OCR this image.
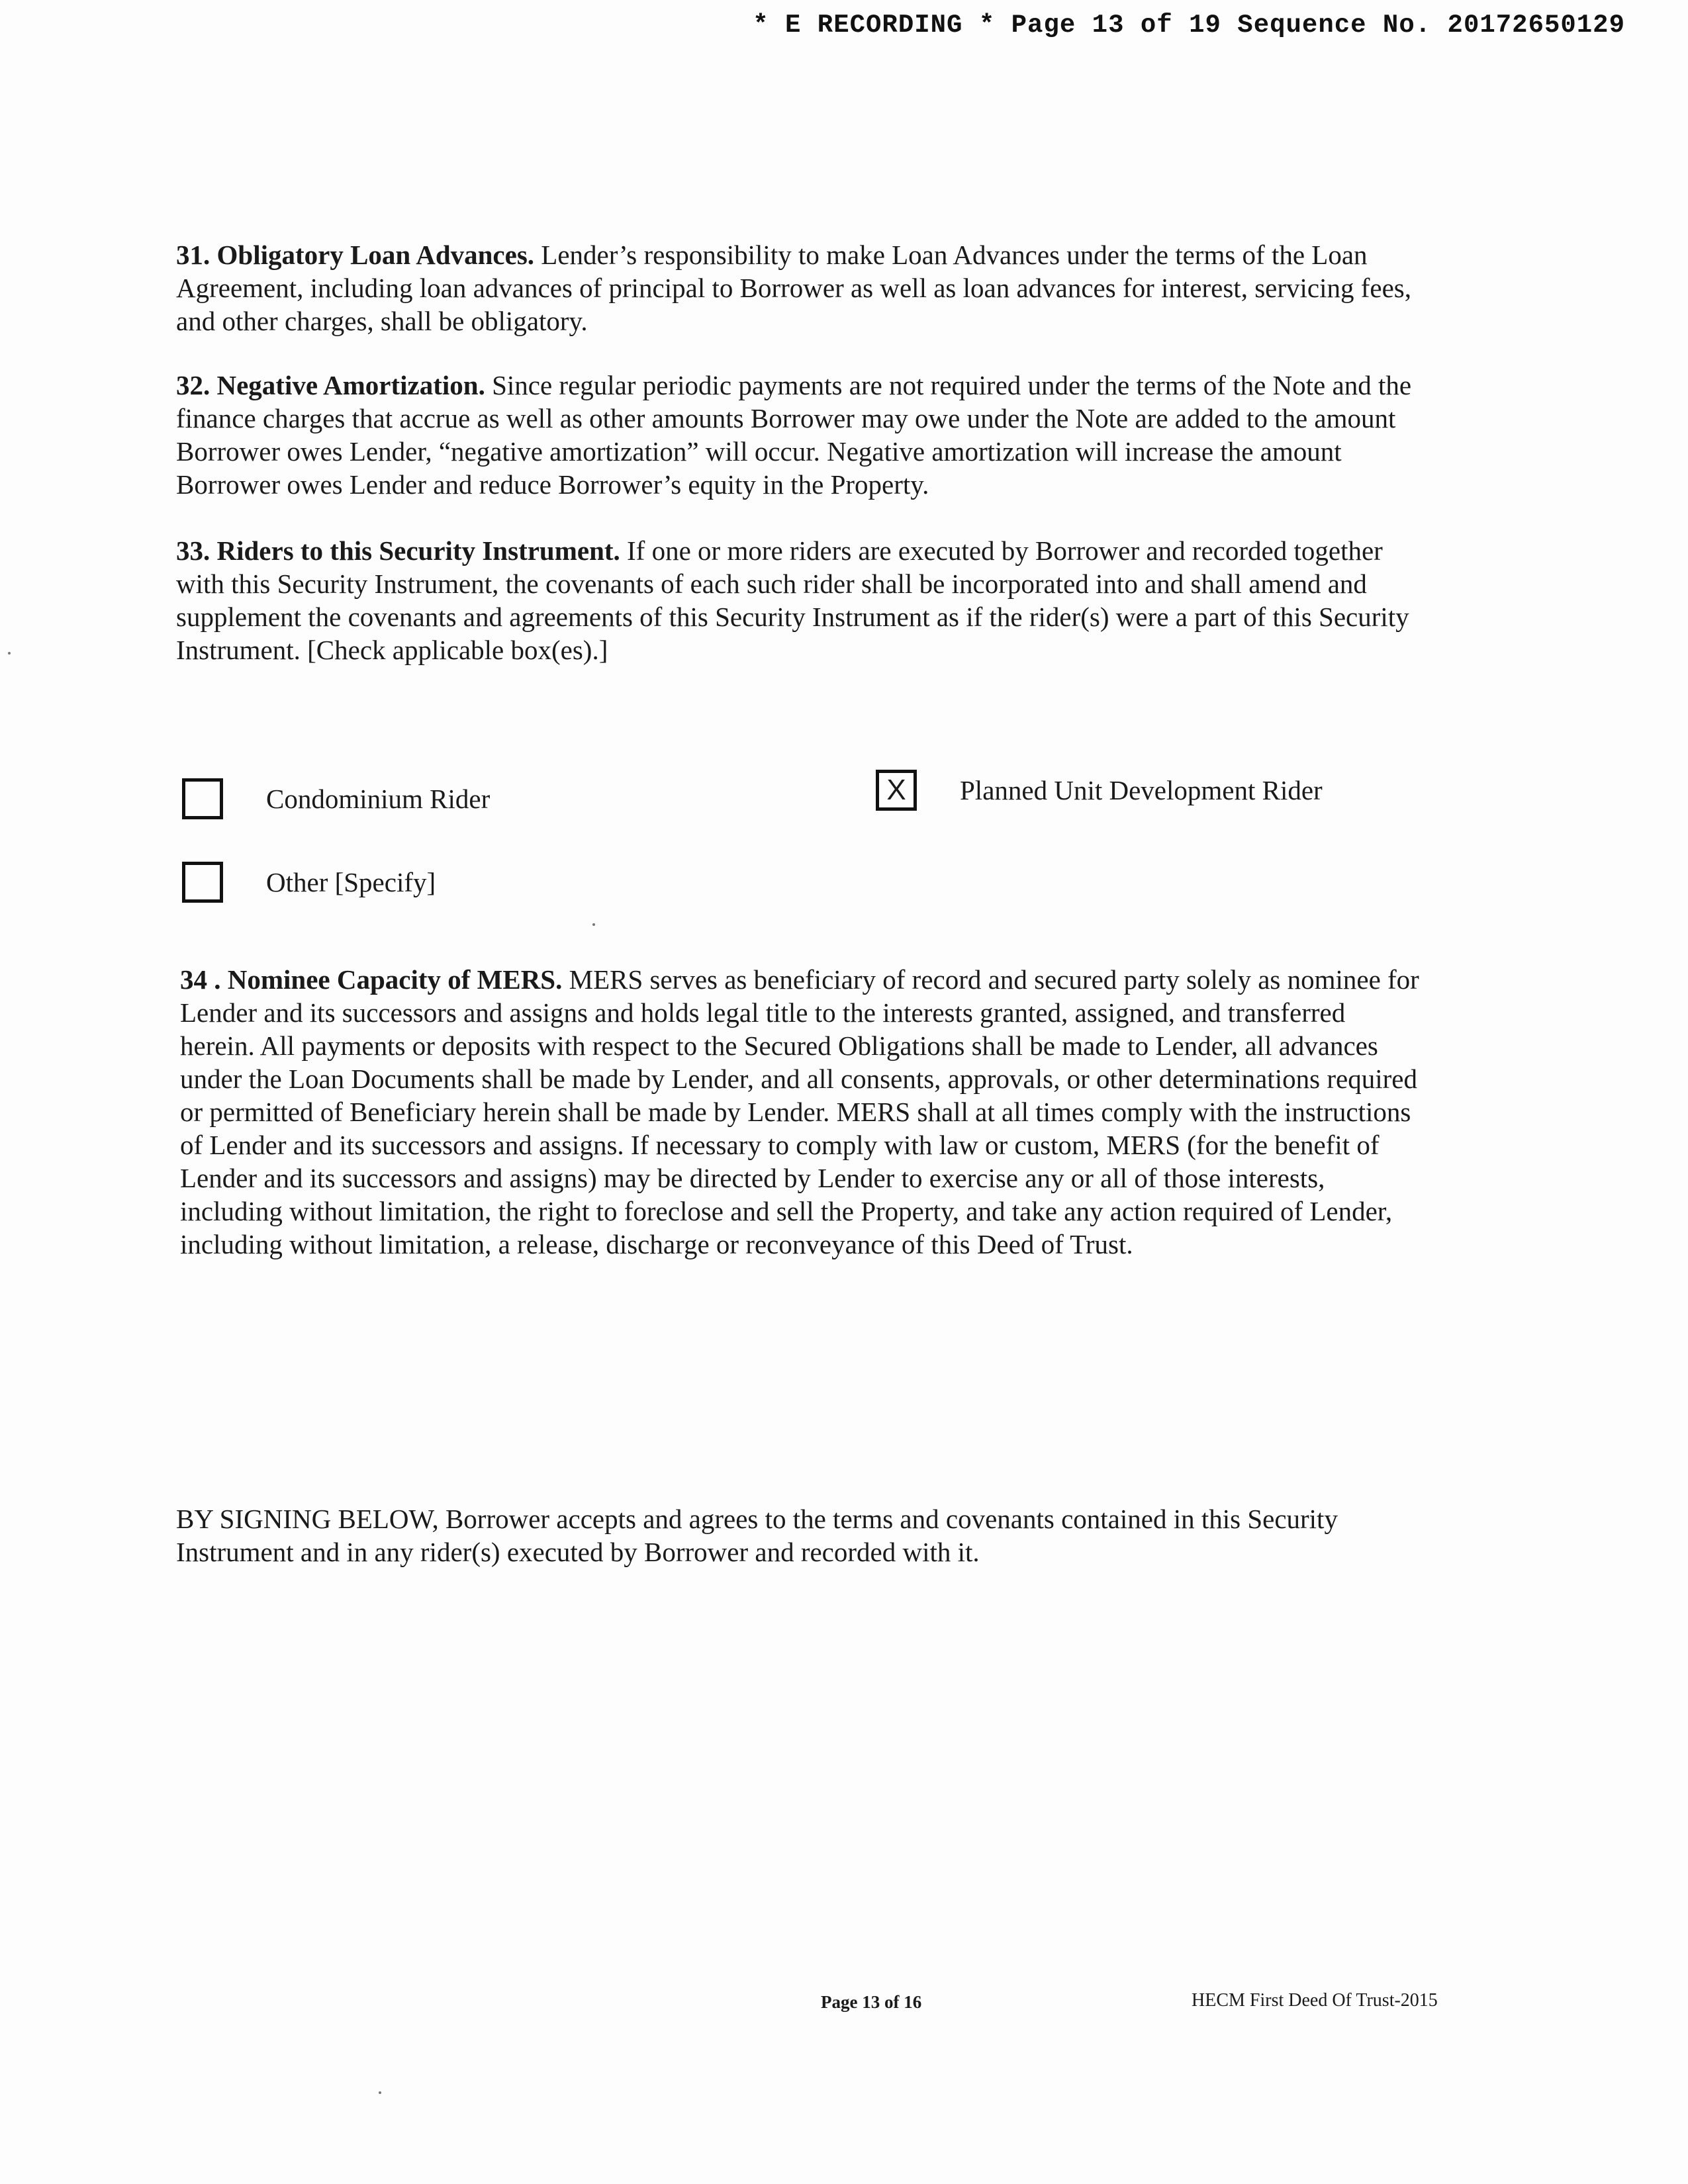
* E RECORDING * Page 13 of 19 Sequence No. 20172650129
31. Obligatory Loan Advances. Lender’s responsibility to make Loan Advances under the terms of the Loan Agreement, including loan advances of principal to Borrower as well as loan advances for interest, servicing fees, and other charges, shall be obligatory.
32. Negative Amortization. Since regular periodic payments are not required under the terms of the Note and the finance charges that accrue as well as other amounts Borrower may owe under the Note are added to the amount Borrower owes Lender, “negative amortization” will occur. Negative amortization will increase the amount Borrower owes Lender and reduce Borrower’s equity in the Property.
33. Riders to this Security Instrument. If one or more riders are executed by Borrower and recorded together with this Security Instrument, the covenants of each such rider shall be incorporated into and shall amend and supplement the covenants and agreements of this Security Instrument as if the rider(s) were a part of this Security Instrument. [Check applicable box(es).]
Condominium Rider	X	Planned Unit Development Rider
Other [Specify]
34 . Nominee Capacity of MERS. MERS serves as beneficiary of record and secured party solely as nominee for Lender and its successors and assigns and holds legal title to the interests granted, assigned, and transferred herein. All payments or deposits with respect to the Secured Obligations shall be made to Lender, all advances under the Loan Documents shall be made by Lender, and all consents, approvals, or other determinations required or permitted of Beneficiary herein shall be made by Lender. MERS shall at all times comply with the instructions of Lender and its successors and assigns. If necessary to comply with law or custom, MERS (for the benefit of Lender and its successors and assigns) may be directed by Lender to exercise any or all of those interests, including without limitation, the right to foreclose and sell the Property, and take any action required of Lender, including without limitation, a release, discharge or reconveyance of this Deed of Trust.
BY SIGNING BELOW, Borrower accepts and agrees to the terms and covenants contained in this Security Instrument and in any rider(s) executed by Borrower and recorded with it.
Page 13 of 16	HECM First Deed Of Trust-2015
